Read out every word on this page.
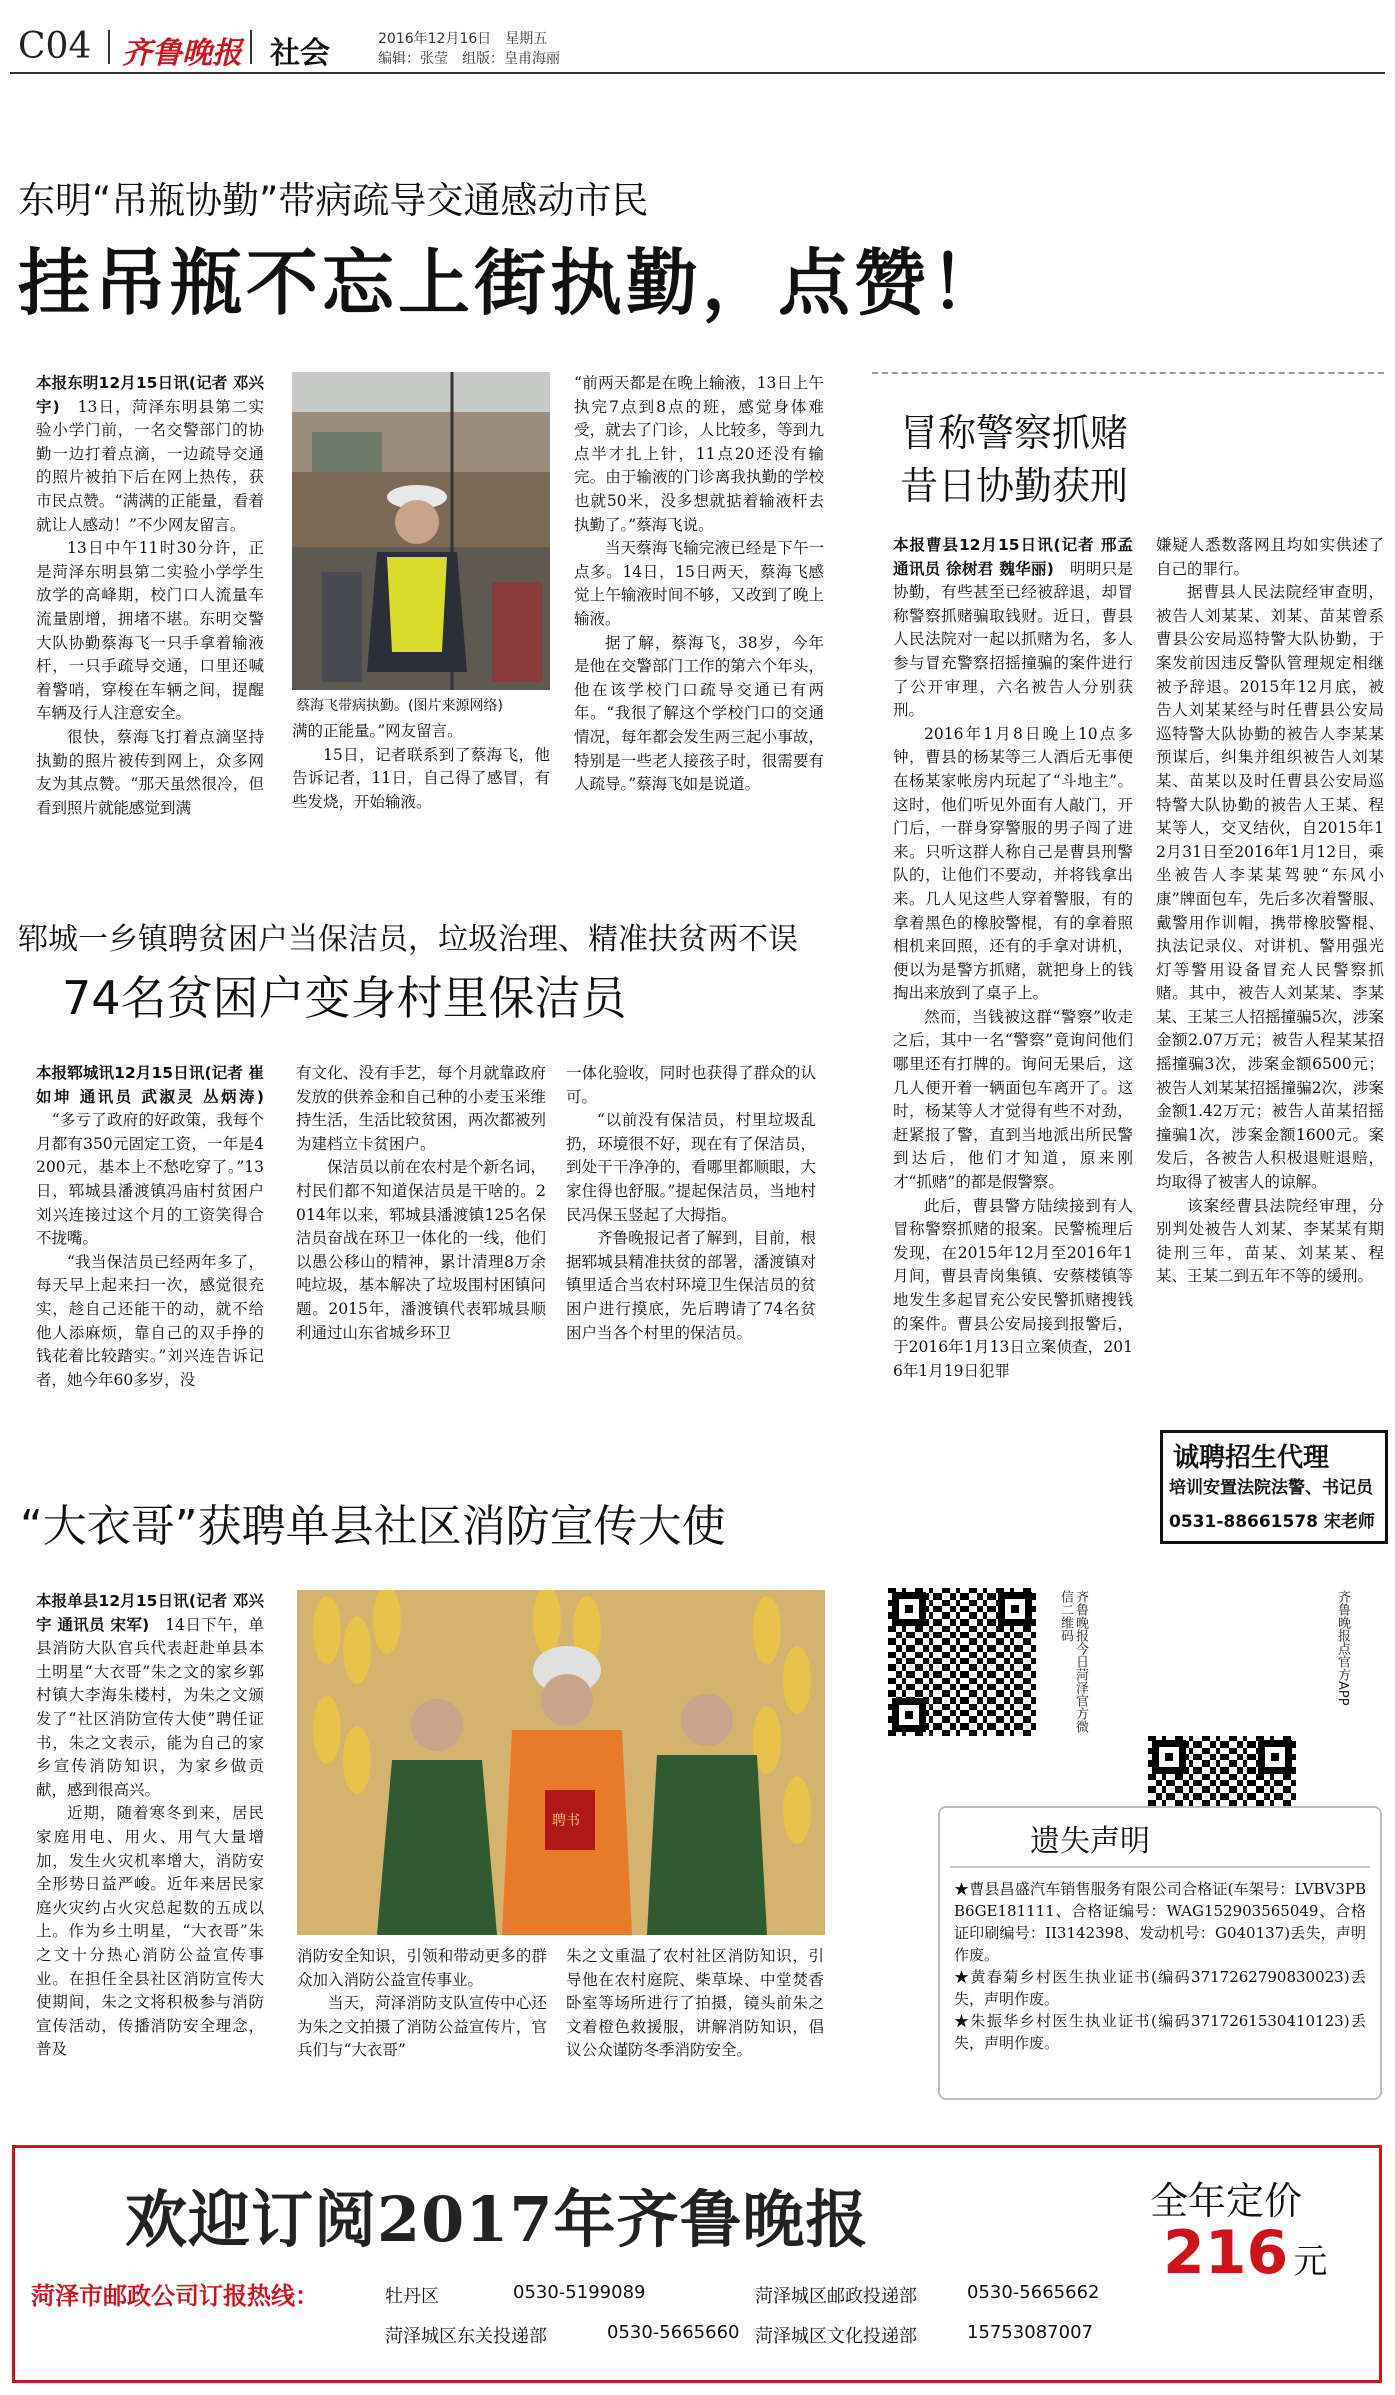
C04 齐鲁晚报 社会	2016年12月16日　星期五
编辑：张莹　组版：皇甫海丽
东明“吊瓶协勤”带病疏导交通感动市民
挂吊瓶不忘上街执勤，点赞！

本报东明12月15日讯(记者 邓兴宇)　13日，菏泽东明县第二实验小学门前，一名交警部门的协勤一边打着点滴，一边疏导交通的照片被拍下后在网上热传，获市民点赞。“满满的正能量，看着就让人感动！”不少网友留言。

13日中午11时30分许，正是菏泽东明县第二实验小学学生放学的高峰期，校门口人流量车流量剧增，拥堵不堪。东明交警大队协勤蔡海飞一只手拿着输液杆，一只手疏导交通，口里还喊着警哨，穿梭在车辆之间，提醒车辆及行人注意安全。

很快，蔡海飞打着点滴坚持执勤的照片被传到网上，众多网友为其点赞。“那天虽然很冷，但看到照片就能感觉到满

蔡海飞带病执勤。(图片来源网络)

满的正能量。”网友留言。

15日，记者联系到了蔡海飞，他告诉记者，11日，自己得了感冒，有些发烧，开始输液。

“前两天都是在晚上输液，13日上午执完7点到8点的班，感觉身体难受，就去了门诊，人比较多，等到九点半才扎上针，11点20还没有输完。由于输液的门诊离我执勤的学校也就50米，没多想就掂着输液杆去执勤了。”蔡海飞说。

当天蔡海飞输完液已经是下午一点多。14日，15日两天，蔡海飞感觉上午输液时间不够，又改到了晚上输液。

据了解，蔡海飞，38岁，今年是他在交警部门工作的第六个年头，他在该学校门口疏导交通已有两年。“我很了解这个学校门口的交通情况，每年都会发生两三起小事故，特别是一些老人接孩子时，很需要有人疏导。”蔡海飞如是说道。

冒称警察抓赌
昔日协勤获刑

本报曹县12月15日讯(记者 邢孟 通讯员 徐树君 魏华丽)　明明只是协勤，有些甚至已经被辞退，却冒称警察抓赌骗取钱财。近日，曹县人民法院对一起以抓赌为名，多人参与冒充警察招摇撞骗的案件进行了公开审理，六名被告人分别获刑。

2016年1月8日晚上10点多钟，曹县的杨某等三人酒后无事便在杨某家帐房内玩起了“斗地主”。这时，他们听见外面有人敲门，开门后，一群身穿警服的男子闯了进来。只听这群人称自己是曹县刑警队的，让他们不要动，并将钱拿出来。几人见这些人穿着警服，有的拿着黑色的橡胶警棍，有的拿着照相机来回照，还有的手拿对讲机，便以为是警方抓赌，就把身上的钱掏出来放到了桌子上。

然而，当钱被这群“警察”收走之后，其中一名“警察”竟询问他们哪里还有打牌的。询问无果后，这几人便开着一辆面包车离开了。这时，杨某等人才觉得有些不对劲，赶紧报了警，直到当地派出所民警到达后，他们才知道，原来刚才“抓赌”的都是假警察。

此后，曹县警方陆续接到有人冒称警察抓赌的报案。民警梳理后发现，在2015年12月至2016年1月间，曹县青岗集镇、安蔡楼镇等地发生多起冒充公安民警抓赌搜钱的案件。曹县公安局接到报警后，于2016年1月13日立案侦查，2016年1月19日犯罪

嫌疑人悉数落网且均如实供述了自己的罪行。

据曹县人民法院经审查明，被告人刘某某、刘某、苗某曾系曹县公安局巡特警大队协勤，于案发前因违反警队管理规定相继被予辞退。2015年12月底，被告人刘某某经与时任曹县公安局巡特警大队协勤的被告人李某某预谋后，纠集并组织被告人刘某某、苗某以及时任曹县公安局巡特警大队协勤的被告人王某、程某等人，交叉结伙，自2015年12月31日至2016年1月12日，乘坐被告人李某某驾驶“东风小康”牌面包车，先后多次着警服、戴警用作训帽，携带橡胶警棍、执法记录仪、对讲机、警用强光灯等警用设备冒充人民警察抓赌。其中，被告人刘某某、李某某、王某三人招摇撞骗5次，涉案金额2.07万元；被告人程某某招摇撞骗3次，涉案金额6500元；被告人刘某某招摇撞骗2次，涉案金额1.42万元；被告人苗某招摇撞骗1次，涉案金额1600元。案发后，各被告人积极退赃退赔，均取得了被害人的谅解。

该案经曹县法院经审理，分别判处被告人刘某、李某某有期徒刑三年，苗某、刘某某、程某、王某二到五年不等的缓刑。

诚聘招生代理
培训安置法院法警、书记员
0531-88661578 宋老师
郓城一乡镇聘贫困户当保洁员，垃圾治理、精准扶贫两不误
74名贫困户变身村里保洁员

本报郓城讯12月15日讯(记者 崔如坤 通讯员 武淑灵 丛炳涛)　“多亏了政府的好政策，我每个月都有350元固定工资，一年是4200元，基本上不愁吃穿了。”13日，郓城县潘渡镇冯庙村贫困户刘兴连接过这个月的工资笑得合不拢嘴。

“我当保洁员已经两年多了，每天早上起来扫一次，感觉很充实，趁自己还能干的动，就不给他人添麻烦，靠自己的双手挣的钱花着比较踏实。”刘兴连告诉记者，她今年60多岁，没

有文化、没有手艺，每个月就靠政府发放的供养金和自己种的小麦玉米维持生活，生活比较贫困，两次都被列为建档立卡贫困户。

保洁员以前在农村是个新名词，村民们都不知道保洁员是干啥的。2014年以来，郓城县潘渡镇125名保洁员奋战在环卫一体化的一线，他们以愚公移山的精神，累计清理8万余吨垃圾，基本解决了垃圾围村困镇问题。2015年，潘渡镇代表郓城县顺利通过山东省城乡环卫

一体化验收，同时也获得了群众的认可。

“以前没有保洁员，村里垃圾乱扔，环境很不好，现在有了保洁员，到处干干净净的，看哪里都顺眼，大家住得也舒服。”提起保洁员，当地村民冯保玉竖起了大拇指。

齐鲁晚报记者了解到，目前，根据郓城县精准扶贫的部署，潘渡镇对镇里适合当农村环境卫生保洁员的贫困户进行摸底，先后聘请了74名贫困户当各个村里的保洁员。

“大衣哥”获聘单县社区消防宣传大使

本报单县12月15日讯(记者 邓兴宇 通讯员 宋军)　14日下午，单县消防大队官兵代表赶赴单县本土明星“大衣哥”朱之文的家乡郭村镇大李海朱楼村，为朱之文颁发了“社区消防宣传大使”聘任证书，朱之文表示，能为自己的家乡宣传消防知识，为家乡做贡献，感到很高兴。

近期，随着寒冬到来，居民家庭用电、用火、用气大量增加，发生火灾机率增大，消防安全形势日益严峻。近年来居民家庭火灾约占火灾总起数的五成以上。作为乡土明星，“大衣哥”朱之文十分热心消防公益宣传事业。在担任全县社区消防宣传大使期间，朱之文将积极参与消防宣传活动，传播消防安全理念，普及

聘书

消防安全知识，引领和带动更多的群众加入消防公益宣传事业。

当天，菏泽消防支队宣传中心还为朱之文拍摄了消防公益宣传片，官兵们与“大衣哥”

朱之文重温了农村社区消防知识，引导他在农村庭院、柴草垛、中堂焚香卧室等场所进行了拍摄，镜头前朱之文着橙色救援服，讲解消防知识，倡议公众谨防冬季消防安全。

齐鲁晚报今日菏泽官方微信二维码	齐鲁晚报点官方APP
遗失声明

★曹县昌盛汽车销售服务有限公司合格证(车架号：LVBV3PBB6GE181111、合格证编号：WAG152903565049、合格证印刷编号：II3142398、发动机号：G040137)丢失，声明作废。

★黄春菊乡村医生执业证书(编码3717262790830023)丢失，声明作废。

★朱振华乡村医生执业证书(编码3717261530410123)丢失，声明作废。

欢迎订阅2017年齐鲁晚报	全年定价
216 元
菏泽市邮政公司订报热线：	牡丹区	0530-5199089	菏泽城区邮政投递部	0530-5665662
菏泽城区东关投递部	0530-5665660 菏泽城区文化投递部	15753087007
